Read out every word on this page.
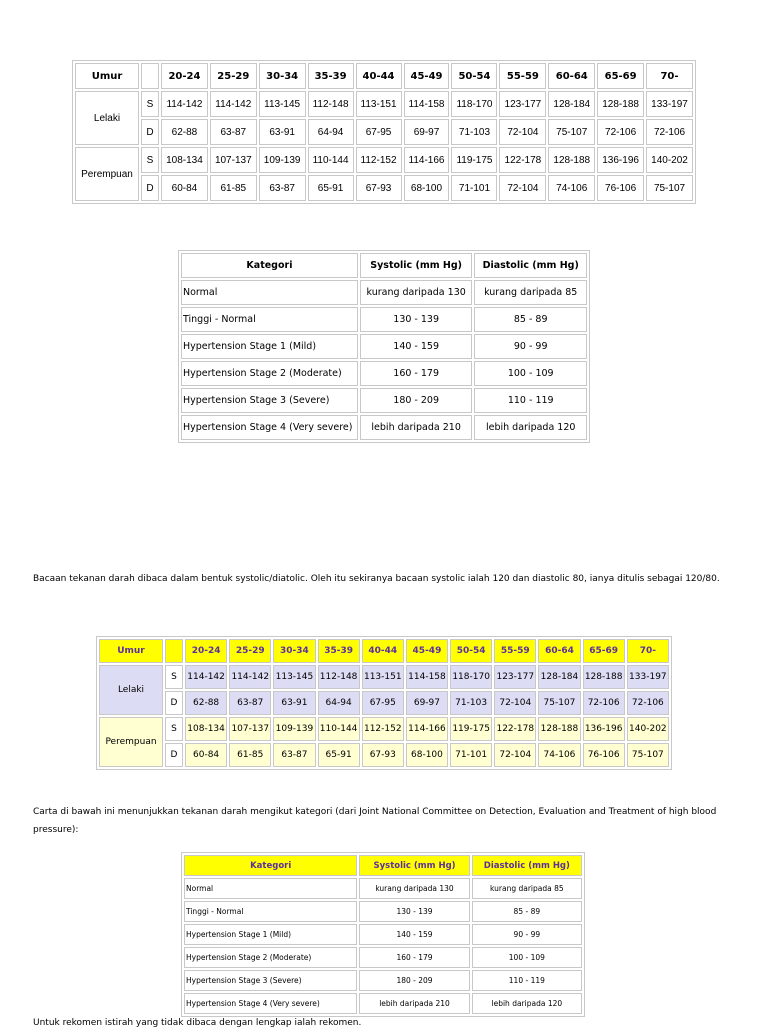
Umur		20-24	25-29	30-34	35-39	40-44	45-49	50-54	55-59	60-64	65-69	70-
Lelaki	S	114-142	114-142	113-145	112-148	113-151	114-158	118-170	123-177	128-184	128-188	133-197
	D	62-88	63-87	63-91	64-94	67-95	69-97	71-103	72-104	75-107	72-106	72-106
Perempuan	S	108-134	107-137	109-139	110-144	112-152	114-166	119-175	122-178	128-188	136-196	140-202
	D	60-84	61-85	63-87	65-91	67-93	68-100	71-101	72-104	74-106	76-106	75-107
Kategori	Systolic (mm Hg)	Diastolic (mm Hg)
Normal	kurang daripada 130	kurang daripada 85
Tinggi - Normal	130 - 139	85 - 89
Hypertension Stage 1 (Mild)	140 - 159	90 - 99
Hypertension Stage 2 (Moderate)	160 - 179	100 - 109
Hypertension Stage 3 (Severe)	180 - 209	110 - 119
Hypertension Stage 4 (Very severe)	lebih daripada 210	lebih daripada 120
Bacaan tekanan darah dibaca dalam bentuk systolic/diatolic. Oleh itu sekiranya bacaan systolic ialah 120 dan diastolic 80, ianya ditulis sebagai 120/80.
Umur		20-24	25-29	30-34	35-39	40-44	45-49	50-54	55-59	60-64	65-69	70-
Lelaki	S	114-142	114-142	113-145	112-148	113-151	114-158	118-170	123-177	128-184	128-188	133-197
	D	62-88	63-87	63-91	64-94	67-95	69-97	71-103	72-104	75-107	72-106	72-106
Perempuan	S	108-134	107-137	109-139	110-144	112-152	114-166	119-175	122-178	128-188	136-196	140-202
	D	60-84	61-85	63-87	65-91	67-93	68-100	71-101	72-104	74-106	76-106	75-107
Carta di bawah ini menunjukkan tekanan darah mengikut kategori (dari Joint National Committee on Detection, Evaluation and Treatment of high blood pressure):
Kategori	Systolic (mm Hg)	Diastolic (mm Hg)
Normal	kurang daripada 130	kurang daripada 85
Tinggi - Normal	130 - 139	85 - 89
Hypertension Stage 1 (Mild)	140 - 159	90 - 99
Hypertension Stage 2 (Moderate)	160 - 179	100 - 109
Hypertension Stage 3 (Severe)	180 - 209	110 - 119
Hypertension Stage 4 (Very severe)	lebih daripada 210	lebih daripada 120
Untuk rekomen istirah yang tidak dibaca dengan lengkap ialah rekomen.
